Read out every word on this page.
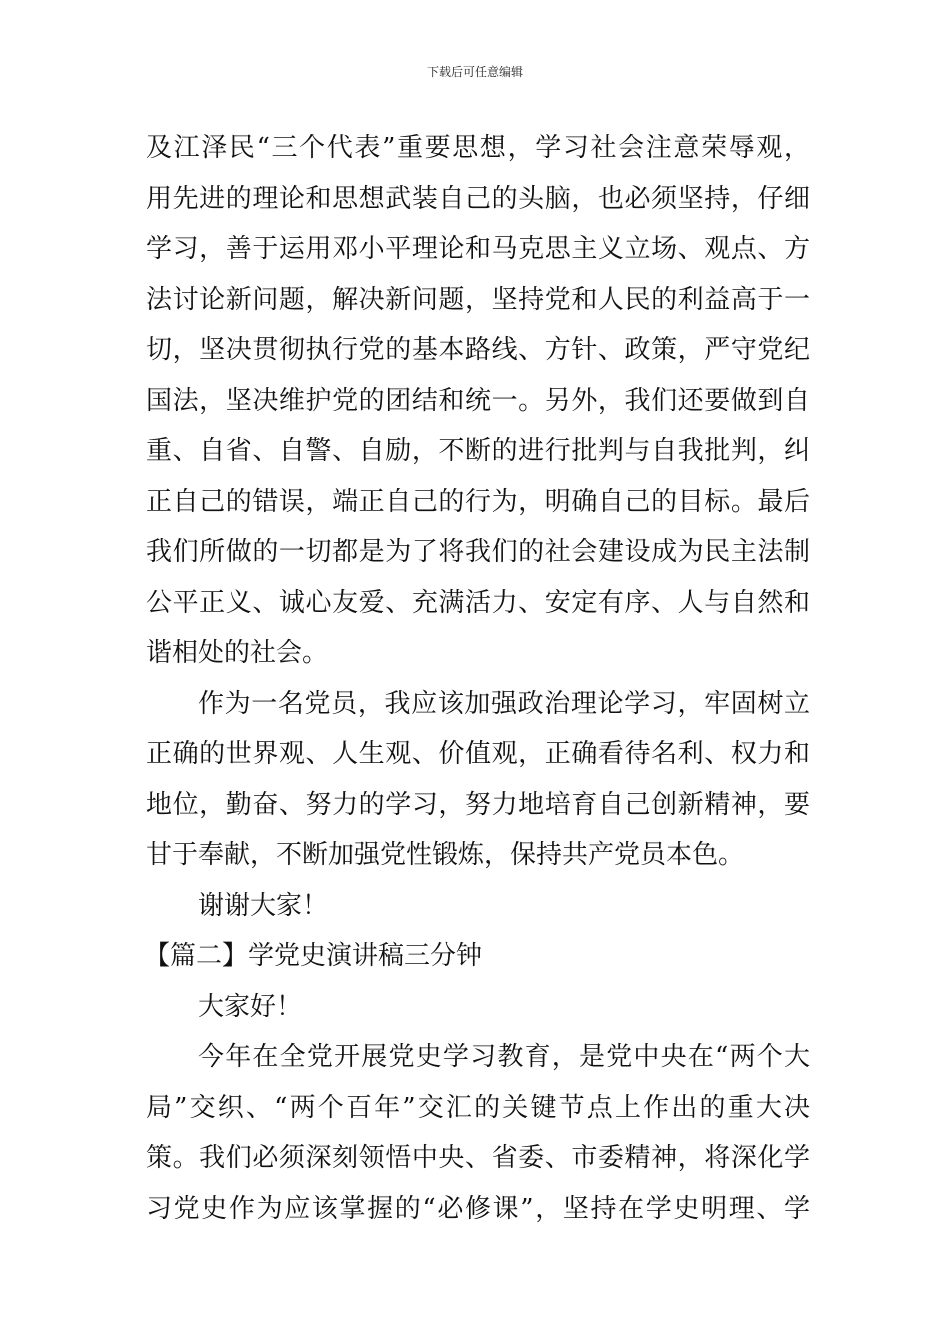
下载后可任意编辑
及江泽民“三个代表”重要思想，学习社会注意荣辱观，
用先进的理论和思想武装自己的头脑，也必须坚持，仔细
学习，善于运用邓小平理论和马克思主义立场、观点、方
法讨论新问题，解决新问题，坚持党和人民的利益高于一
切，坚决贯彻执行党的基本路线、方针、政策，严守党纪
国法，坚决维护党的团结和统一。另外，我们还要做到自
重、自省、自警、自励，不断的进行批判与自我批判，纠
正自己的错误，端正自己的行为，明确自己的目标。最后
我们所做的一切都是为了将我们的社会建设成为民主法制
公平正义、诚心友爱、充满活力、安定有序、人与自然和
谐相处的社会。
作为一名党员，我应该加强政治理论学习，牢固树立
正确的世界观、人生观、价值观，正确看待名利、权力和
地位，勤奋、努力的学习，努力地培育自己创新精神，要
甘于奉献，不断加强党性锻炼，保持共产党员本色。
谢谢大家！
【篇二】学党史演讲稿三分钟
大家好！
今年在全党开展党史学习教育，是党中央在“两个大
局”交织、“两个百年”交汇的关键节点上作出的重大决
策。我们必须深刻领悟中央、省委、市委精神，将深化学
习党史作为应该掌握的“必修课”，坚持在学史明理、学
